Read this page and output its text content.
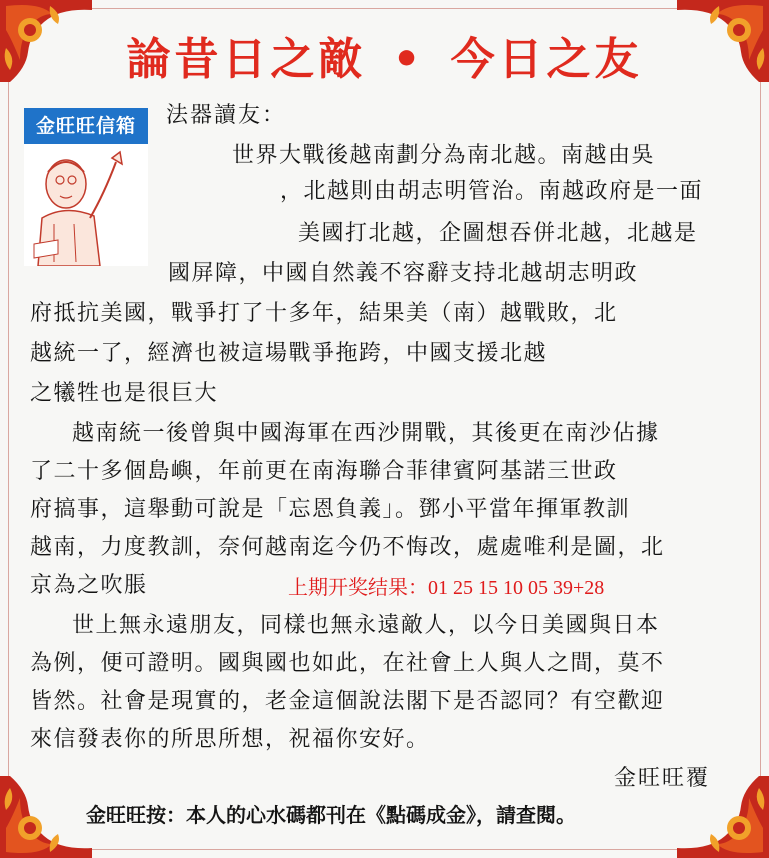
論昔日之敵 • 今日之友
金旺旺信箱	法器讀友：
世界大戰後越南劃分為南北越。南越由吳
，北越則由胡志明管治。南越政府是一面
美國打北越，企圖想吞併北越，北越是
國屏障，中國自然義不容辭支持北越胡志明政
府抵抗美國，戰爭打了十多年，結果美（南）越戰敗，北
越統一了，經濟也被這場戰爭拖跨，中國支援北越
之犧牲也是很巨大
越南統一後曾與中國海軍在西沙開戰，其後更在南沙佔據
了二十多個島嶼，年前更在南海聯合菲律賓阿基諾三世政
府搞事，這舉動可說是「忘恩負義」。鄧小平當年揮軍教訓
越南，力度教訓，奈何越南迄今仍不悔改，處處唯利是圖，北
京為之吹脹
世上無永遠朋友，同樣也無永遠敵人，以今日美國與日本
為例，便可證明。國與國也如此，在社會上人與人之間，莫不
皆然。社會是現實的，老金這個說法閣下是否認同？有空歡迎
來信發表你的所思所想，祝福你安好。
上期开奖结果：01 25 15 10 05 39+28
金旺旺覆
金旺旺按：本人的心水碼都刊在《點碼成金》，請查閱。
